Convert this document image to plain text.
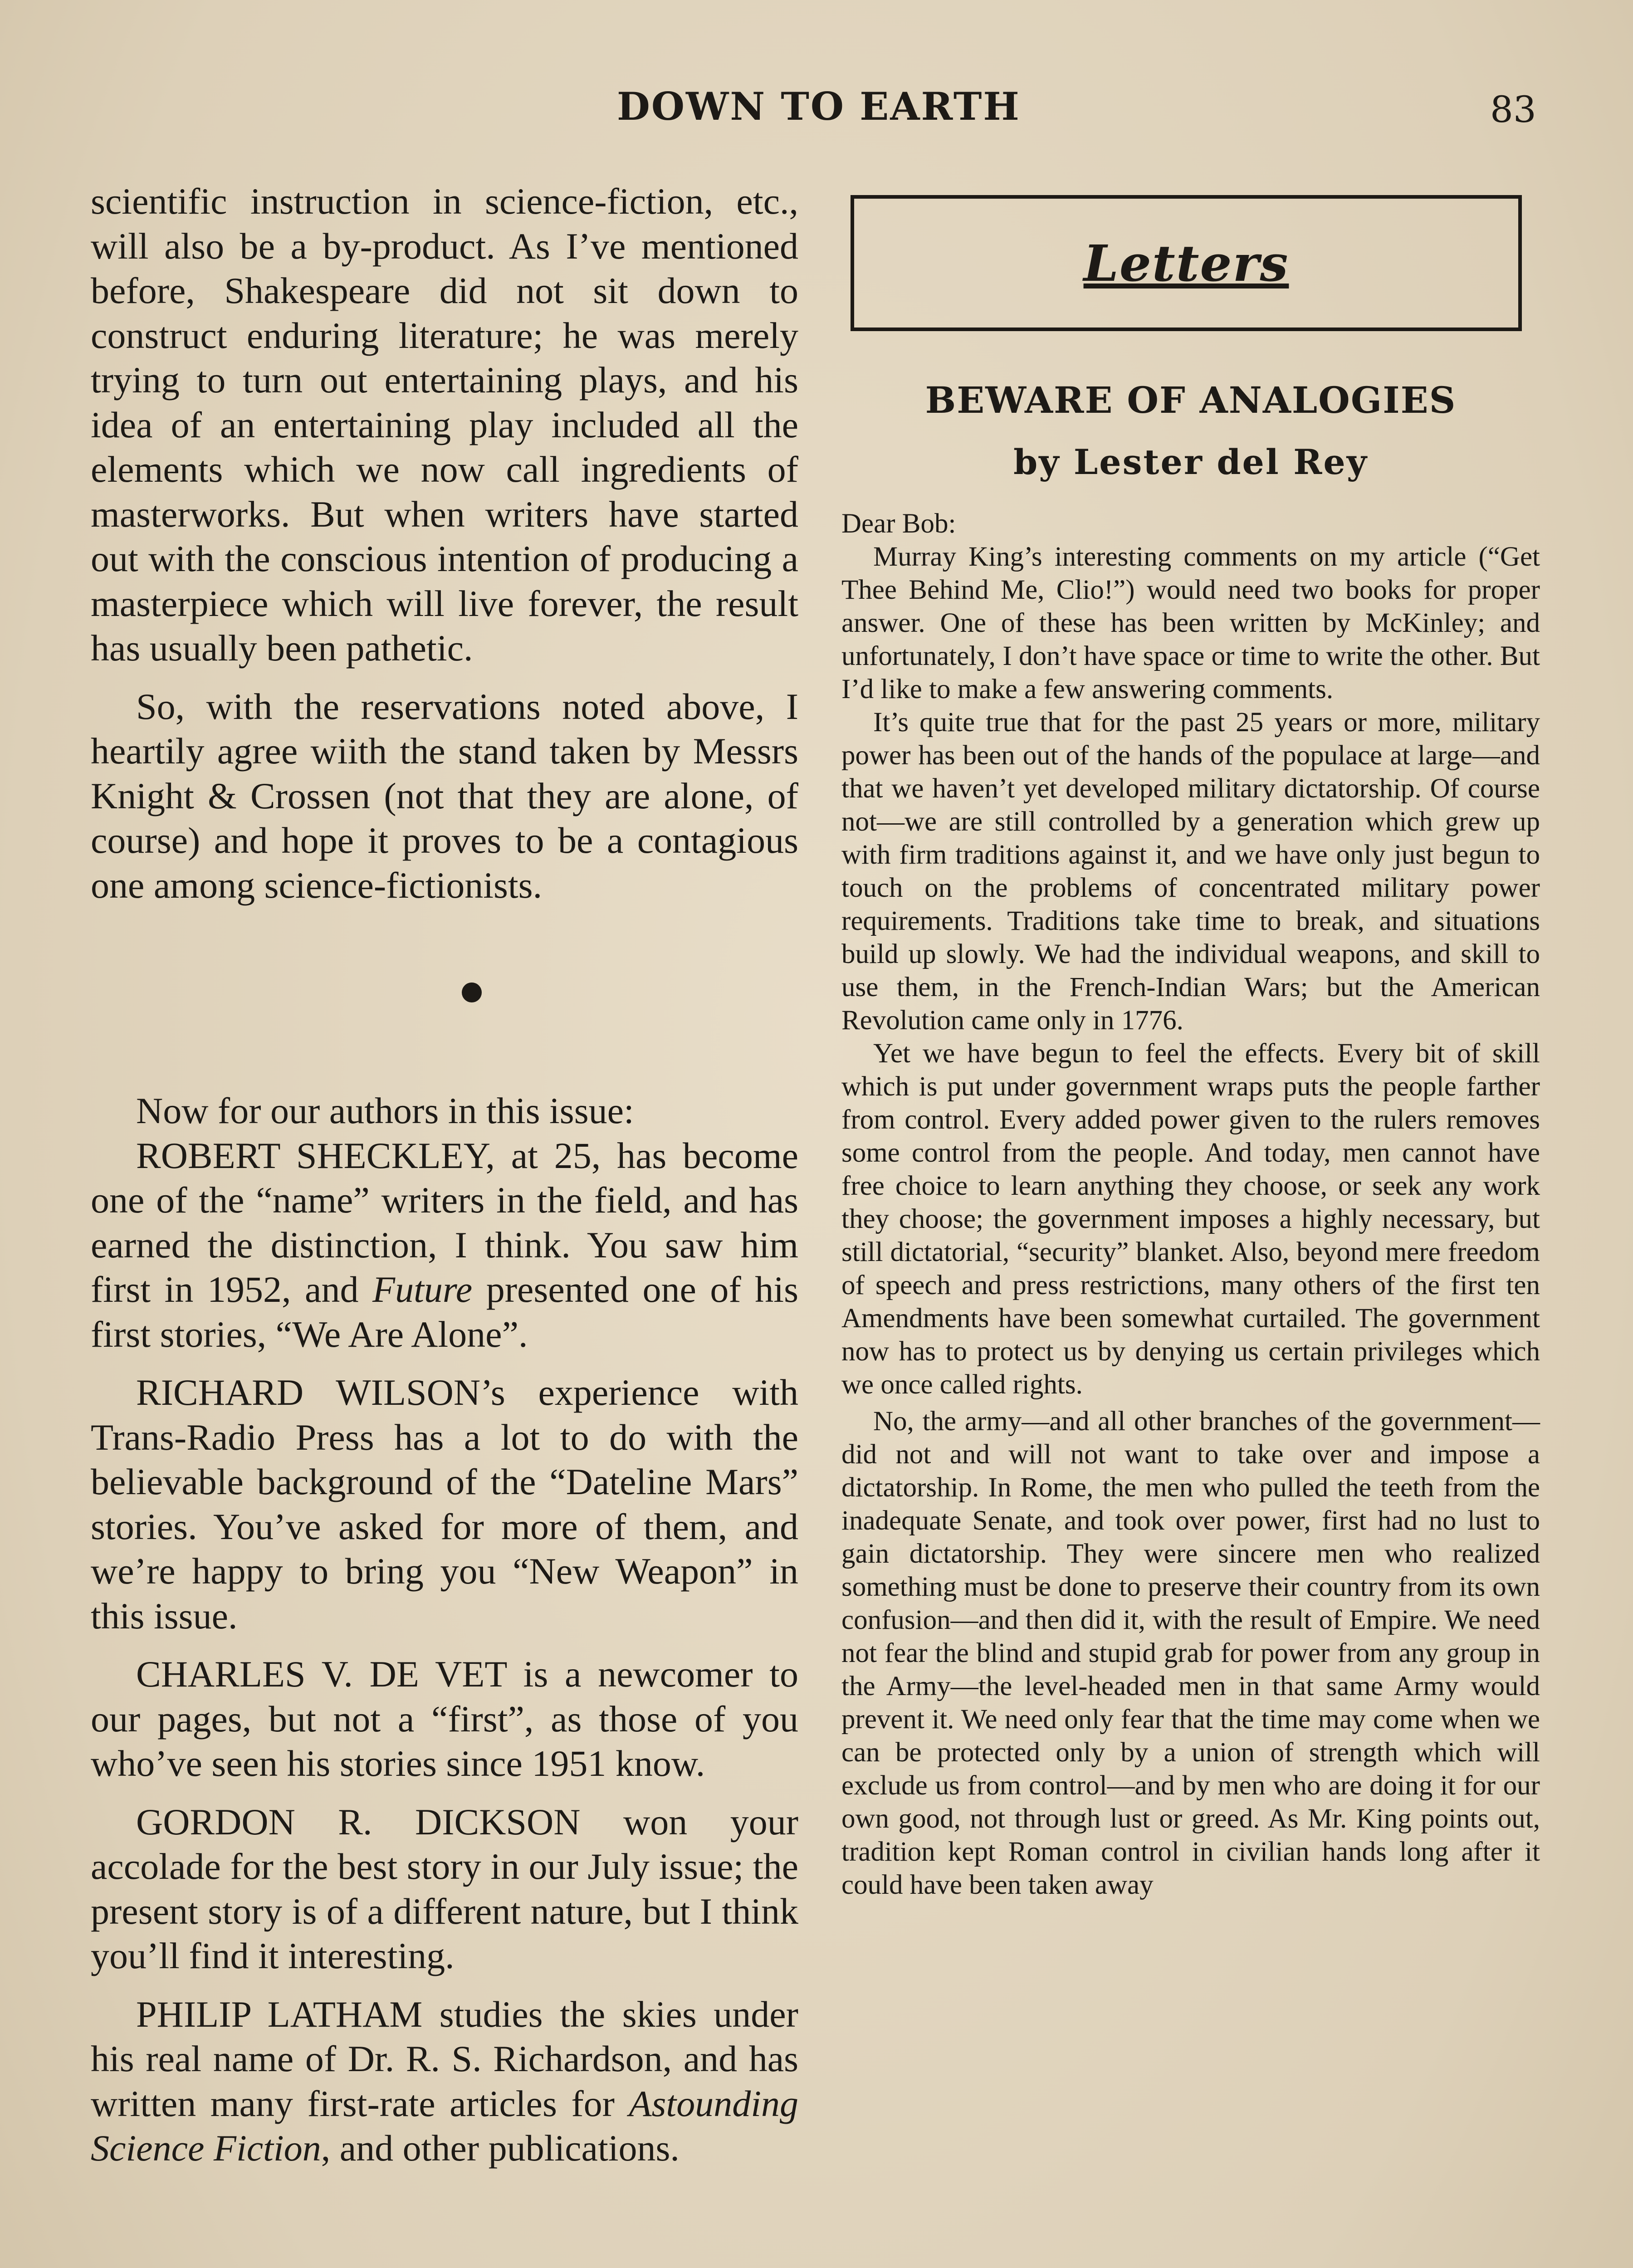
DOWN TO EARTH	83

scientific instruction in science-fiction, etc., will also be a by-product. As I’ve mentioned before, Shakespeare did not sit down to construct enduring literature; he was merely trying to turn out entertaining plays, and his idea of an entertaining play included all the elements which we now call ingredients of masterworks. But when writers have started out with the conscious intention of producing a masterpiece which will live forever, the result has usually been pathetic.

So, with the reservations noted above, I heartily agree wiith the stand taken by Messrs Knight & Crossen (not that they are alone, of course) and hope it proves to be a contagious one among science-fictionists.

Now for our authors in this issue:

ROBERT SHECKLEY, at 25, has become one of the “name” writers in the field, and has earned the distinction, I think. You saw him first in 1952, and Future presented one of his first stories, “We Are Alone”.

RICHARD WILSON’s experience with Trans-Radio Press has a lot to do with the believable background of the “Dateline Mars” stories. You’ve asked for more of them, and we’re happy to bring you “New Weapon” in this issue.

CHARLES V. DE VET is a newcomer to our pages, but not a “first”, as those of you who’ve seen his stories since 1951 know.

GORDON R. DICKSON won your accolade for the best story in our July issue; the present story is of a different nature, but I think you’ll find it interesting.

PHILIP LATHAM studies the skies under his real name of Dr. R. S. Richardson, and has written many first-rate articles for Astounding Science Fiction, and other publications.

Letters
BEWARE OF ANALOGIES
by Lester del Rey

Dear Bob:

Murray King’s interesting comments on my article (“Get Thee Behind Me, Clio!”) would need two books for proper answer. One of these has been written by McKinley; and unfortunately, I don’t have space or time to write the other. But I’d like to make a few answering comments.

It’s quite true that for the past 25 years or more, military power has been out of the hands of the populace at large—and that we haven’t yet developed military dictatorship. Of course not—we are still controlled by a generation which grew up with firm traditions against it, and we have only just begun to touch on the problems of concentrated military power requirements. Traditions take time to break, and situations build up slowly. We had the individual weapons, and skill to use them, in the French-Indian Wars; but the American Revolution came only in 1776.

Yet we have begun to feel the effects. Every bit of skill which is put under government wraps puts the people farther from control. Every added power given to the rulers removes some control from the people. And today, men cannot have free choice to learn anything they choose, or seek any work they choose; the government imposes a highly necessary, but still dictatorial, “security” blanket. Also, beyond mere freedom of speech and press restrictions, many others of the first ten Amendments have been somewhat curtailed. The government now has to protect us by denying us certain privileges which we once called rights.

No, the army—and all other branches of the government—did not and will not want to take over and impose a dictatorship. In Rome, the men who pulled the teeth from the inadequate Senate, and took over power, first had no lust to gain dictatorship. They were sincere men who realized something must be done to preserve their country from its own confusion—and then did it, with the result of Empire. We need not fear the blind and stupid grab for power from any group in the Army—the level-headed men in that same Army would prevent it. We need only fear that the time may come when we can be protected only by a union of strength which will exclude us from control—and by men who are doing it for our own good, not through lust or greed. As Mr. King points out, tradition kept Roman control in civilian hands long after it could have been taken away
